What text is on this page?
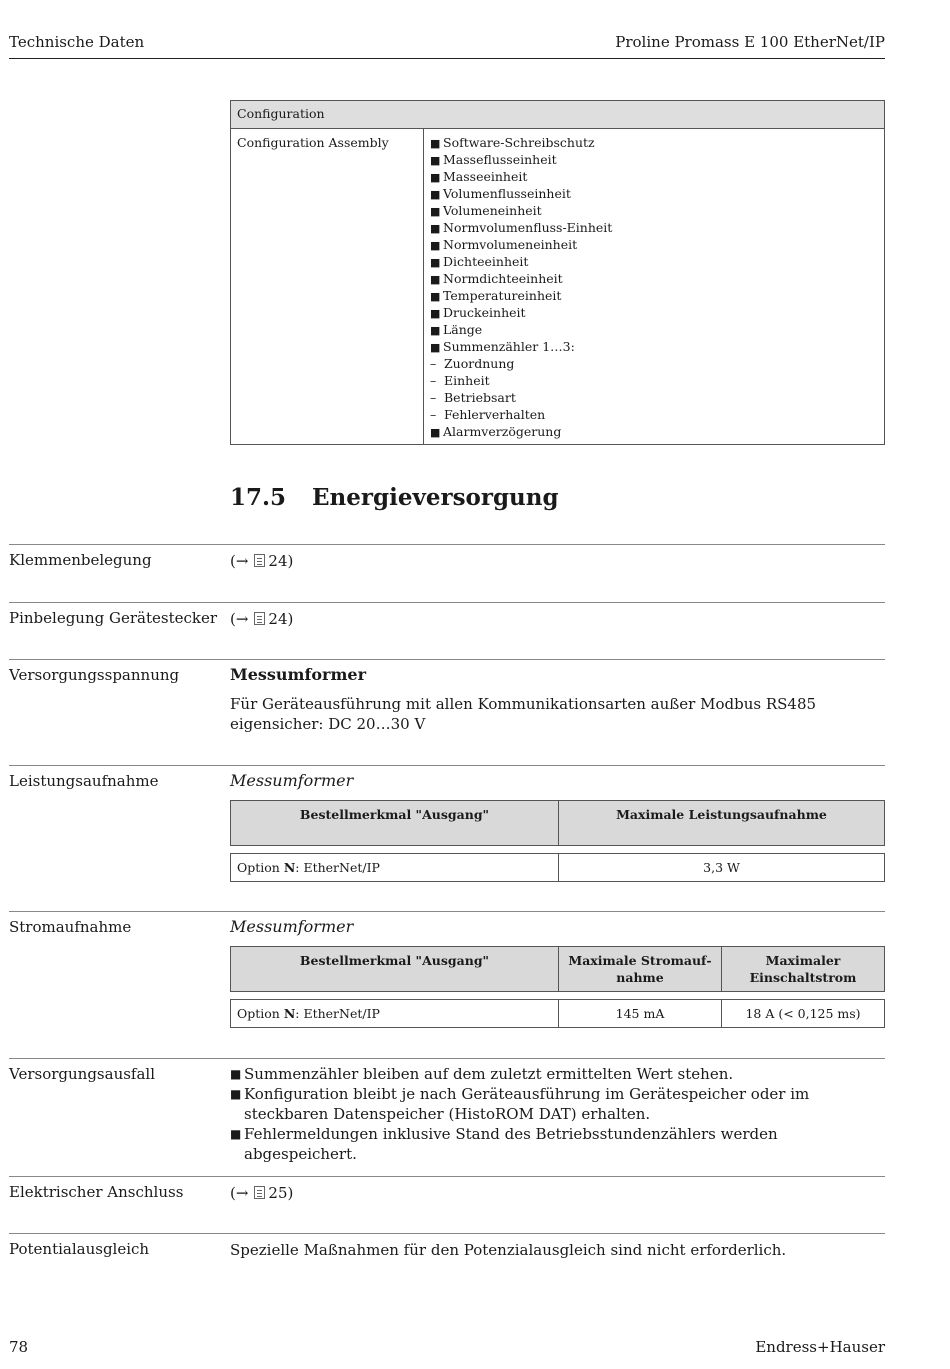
Technische Daten	Proline Promass E 100 EtherNet/IP
Configuration
Configuration Assembly	■ Software-Schreibschutz
■ Masseflusseinheit
■ Masseeinheit
■ Volumenflusseinheit
■ Volumeneinheit
■ Normvolumenfluss-Einheit
■ Normvolumeneinheit
■ Dichteeinheit
■ Normdichteeinheit
■ Temperatureinheit
■ Druckeinheit
■ Länge
■ Summenzähler 1…3:
– Zuordnung
– Einheit
– Betriebsart
– Fehlerverhalten
■ Alarmverzögerung
17.5 Energieversorgung
Klemmenbelegung	(→ 24)
Pinbelegung Gerätestecker (→ 24)
Versorgungsspannung	Messumformer
Für Geräteausführung mit allen Kommunikationsarten außer Modbus RS485 eigensicher: DC 20…30 V
Leistungsaufnahme	Messumformer
Bestellmerkmal "Ausgang"	Maximale Leistungsaufnahme

Option N: EtherNet/IP	3,3 W
Stromaufnahme	Messumformer
Bestellmerkmal "Ausgang"	Maximale Stromaufnahme	Maximaler Einschaltstrom

Option N: EtherNet/IP	145 mA	18 A (< 0,125 ms)
Versorgungsausfall	■ Summenzähler bleiben auf dem zuletzt ermittelten Wert stehen.
■ Konfiguration bleibt je nach Geräteausführung im Gerätespeicher oder im steckbaren Datenspeicher (HistoROM DAT) erhalten.
■ Fehlermeldungen inklusive Stand des Betriebsstundenzählers werden abgespeichert.
Elektrischer Anschluss	(→ 25)
Potentialausgleich	Spezielle Maßnahmen für den Potenzialausgleich sind nicht erforderlich.
78	Endress+Hauser
